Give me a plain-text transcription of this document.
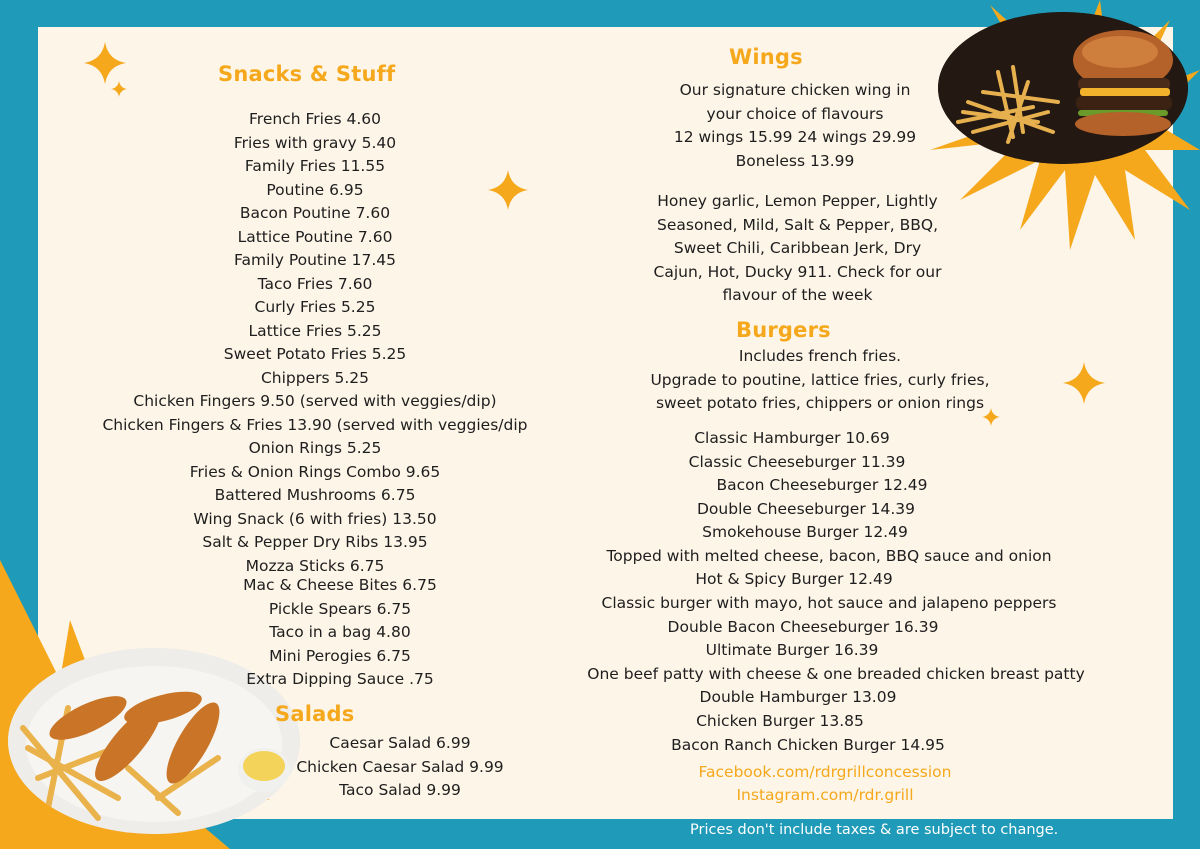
Snacks & Stuff
French Fries 4.60
Fries with gravy 5.40
Family Fries 11.55
Poutine 6.95
Bacon Poutine 7.60
Lattice Poutine 7.60
Family Poutine 17.45
Taco Fries 7.60
Curly Fries 5.25
Lattice Fries 5.25
Sweet Potato Fries 5.25
Chippers 5.25
Chicken Fingers 9.50 (served with veggies/dip)
Chicken Fingers & Fries 13.90 (served with veggies/dip
Onion Rings 5.25
Fries & Onion Rings Combo 9.65
Battered Mushrooms 6.75
Wing Snack (6 with fries) 13.50
Salt & Pepper Dry Ribs 13.95
Mozza Sticks 6.75
Mac & Cheese Bites 6.75
Pickle Spears 6.75
Taco in a bag 4.80
Mini Perogies 6.75
Extra Dipping Sauce .75
Salads
Caesar Salad 6.99
Chicken Caesar Salad 9.99
Taco Salad 9.99
Wings
Our signature chicken wing in
your choice of flavours
12 wings 15.99 24 wings 29.99
Boneless 13.99
Honey garlic, Lemon Pepper, Lightly
Seasoned, Mild, Salt & Pepper, BBQ,
Sweet Chili, Caribbean Jerk, Dry
Cajun, Hot, Ducky 911. Check for our
flavour of the week
Burgers
Includes french fries.
Upgrade to poutine, lattice fries, curly fries,
sweet potato fries, chippers or onion rings
Classic Hamburger 10.69
Classic Cheeseburger 11.39
Bacon Cheeseburger 12.49
Double Cheeseburger 14.39
Smokehouse Burger 12.49
Topped with melted cheese, bacon, BBQ sauce and onion
Hot & Spicy Burger 12.49
Classic burger with mayo, hot sauce and jalapeno peppers
Double Bacon Cheeseburger 16.39
Ultimate Burger 16.39
One beef patty with cheese & one breaded chicken breast patty
Double Hamburger 13.09
Chicken Burger 13.85
Bacon Ranch Chicken Burger 14.95
Facebook.com/rdrgrillconcession
Instagram.com/rdr.grill
Prices don't include taxes & are subject to change.
